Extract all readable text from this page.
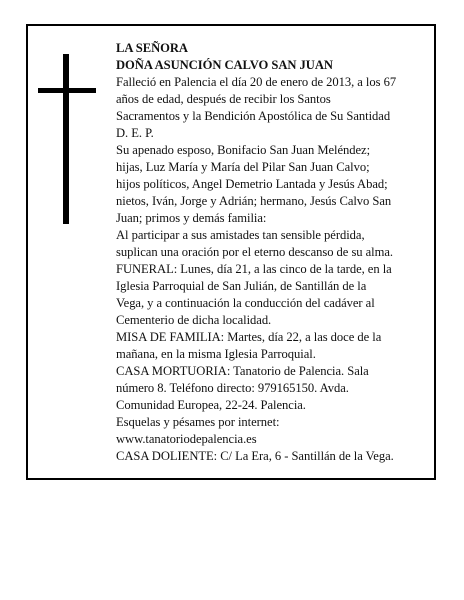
LA SEÑORA
DOÑA ASUNCIÓN CALVO SAN JUAN
Falleció en Palencia el día 20 de enero de 2013, a los 67
años de edad, después de recibir los Santos
Sacramentos y la Bendición Apostólica de Su Santidad
D. E. P.
Su apenado esposo, Bonifacio San Juan Meléndez;
hijas, Luz María y María del Pilar San Juan Calvo;
hijos políticos, Angel Demetrio Lantada y Jesús Abad;
nietos, Iván, Jorge y Adrián; hermano, Jesús Calvo San
Juan; primos y demás familia:
Al participar a sus amistades tan sensible pérdida,
suplican una oración por el eterno descanso de su alma.
FUNERAL: Lunes, día 21, a las cinco de la tarde, en la
Iglesia Parroquial de San Julián, de Santillán de la
Vega, y a continuación la conducción del cadáver al
Cementerio de dicha localidad.
MISA DE FAMILIA: Martes, día 22, a las doce de la
mañana, en la misma Iglesia Parroquial.
CASA MORTUORIA: Tanatorio de Palencia. Sala
número 8. Teléfono directo: 979165150. Avda.
Comunidad Europea, 22-24. Palencia.
Esquelas y pésames por internet:
www.tanatoriodepalencia.es
CASA DOLIENTE: C/ La Era, 6 - Santillán de la Vega.
